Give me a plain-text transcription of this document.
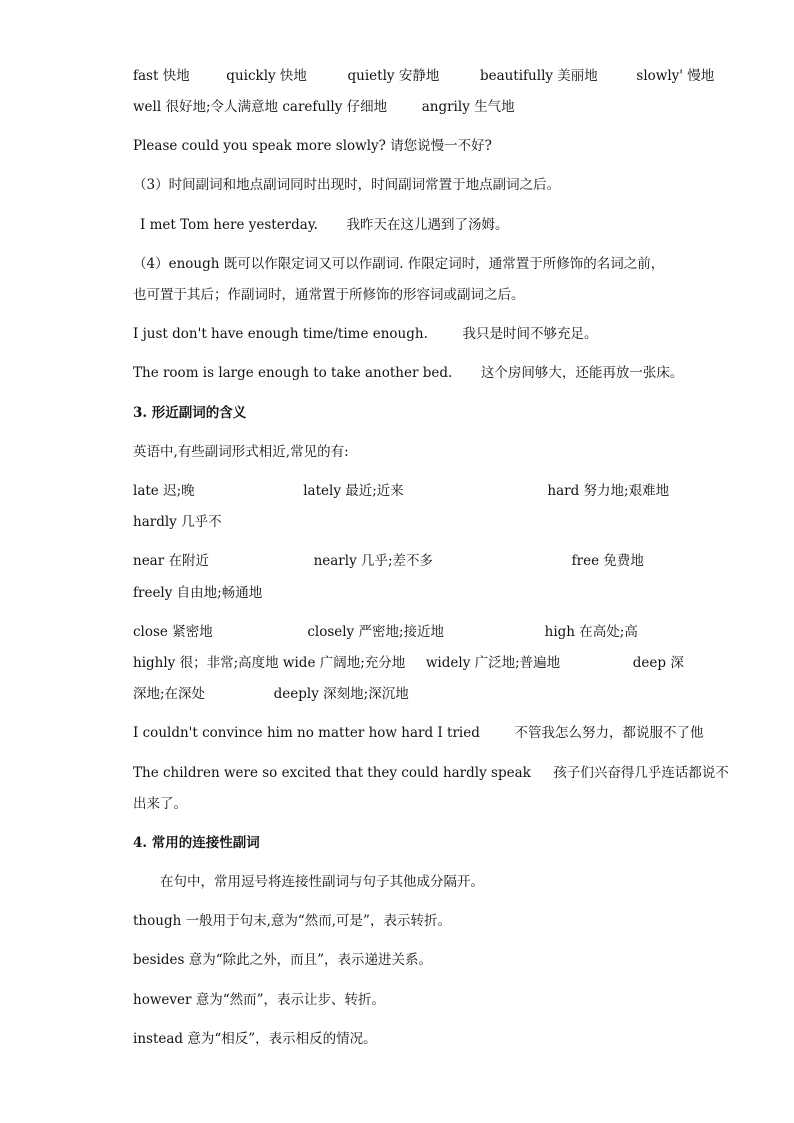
fast 快地	quickly 快地	quietly 安静地	beautifully 美丽地	slowly' 慢地
well 很好地;令人满意地 carefully 仔细地	angrily 生气地
Please could you speak more slowly? 请您说慢一不好?
（3）时间副词和地点副词同时出现时，时间副词常置于地点副词之后。
I met Tom here yesterday. 我昨天在这儿遇到了汤姆。
（4）enough 既可以作限定词又可以作副词. 作限定词时，通常置于所修饰的名词之前，
也可置于其后；作副词时，通常置于所修饰的形容词或副词之后。
I just don't have enough time/time enough.	我只是时间不够充足。
The room is large enough to take another bed. 这个房间够大，还能再放一张床。
3. 形近副词的含义
英语中,有些副词形式相近,常见的有:
late 迟;晚	lately 最近;近来	hard 努力地;艰难地
hardly 几乎不
near 在附近	nearly 几乎;差不多	free 免费地
freely 自由地;畅通地
close 紧密地	closely 严密地;接近地	high 在高处;高
highly 很；非常;高度地 wide 广阔地;充分地 widely 广泛地;普遍地	deep 深
深地;在深处	deeply 深刻地;深沉地
I couldn't convince him no matter how hard I tried	不管我怎么努力，都说服不了他
The children were so excited that they could hardly speak 孩子们兴奋得几乎连话都说不
出来了。
4. 常用的连接性副词
在句中，常用逗号将连接性副词与句子其他成分隔开。
though 一般用于句末,意为“然而,可是”，表示转折。
besides 意为“除此之外，而且”，表示递进关系。
however 意为“然而”，表示让步、转折。
instead 意为“相反”，表示相反的情况。
